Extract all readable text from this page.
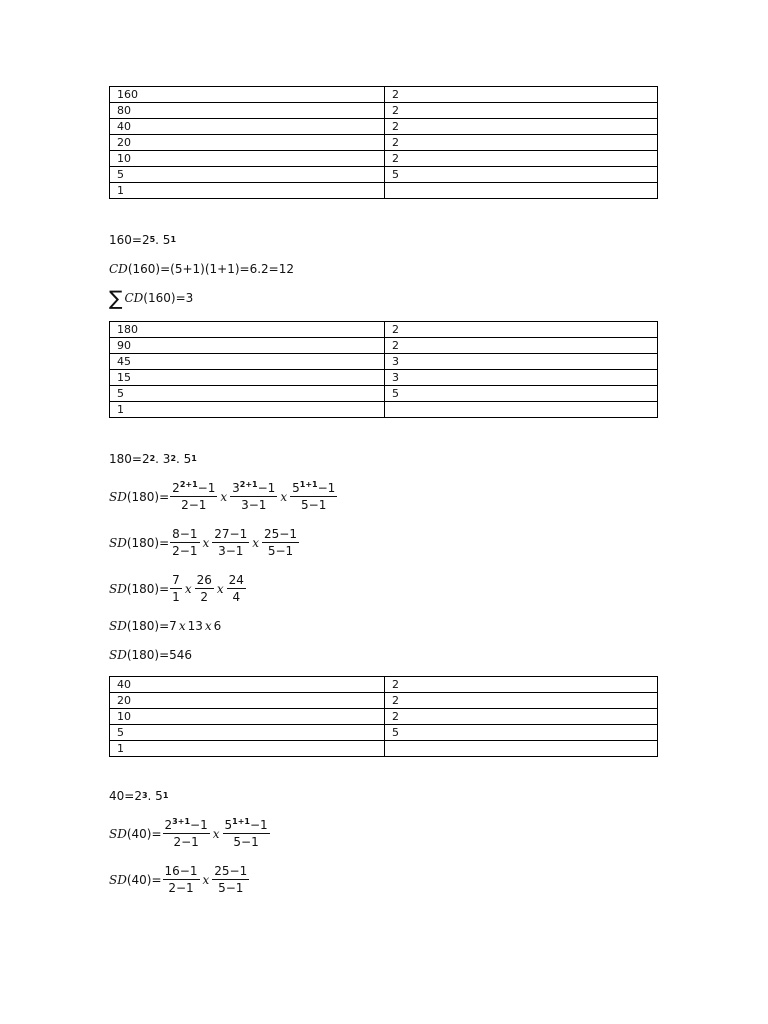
160	2
80	2
40	2
20	2
10	2
5	5
1	
160=2 5 . 5 1
CD (160)=(5+1)(1+1)=6.2=12
∑ CD (160)=3
180	2
90	2
45	3
15	3
5	5
1	
180=2 2 . 3 2 . 5 1
SD $(180)= \frac{2^{2+1}-1}{2-1}$ x $\frac{3^{2+1}-1}{3-1}$ x $\frac{5^{1+1}-1}{5-1}$
SD $(180)= \frac{8-1}{2-1}$ x $\frac{27-1}{3-1}$ x $\frac{25-1}{5-1}$
SD $(180)= \frac{7}{1}$ x $\frac{26}{2}$ x $\frac{24}{4}$
SD (180)=7 x 13 x 6
SD (180)=546
40	2
20	2
10	2
5	5
1	
40=2 3 . 5 1
SD $(40)= \frac{2^{3+1}-1}{2-1}$ x $\frac{5^{1+1}-1}{5-1}$
SD $(40)= \frac{16-1}{2-1}$ x $\frac{25-1}{5-1}$
